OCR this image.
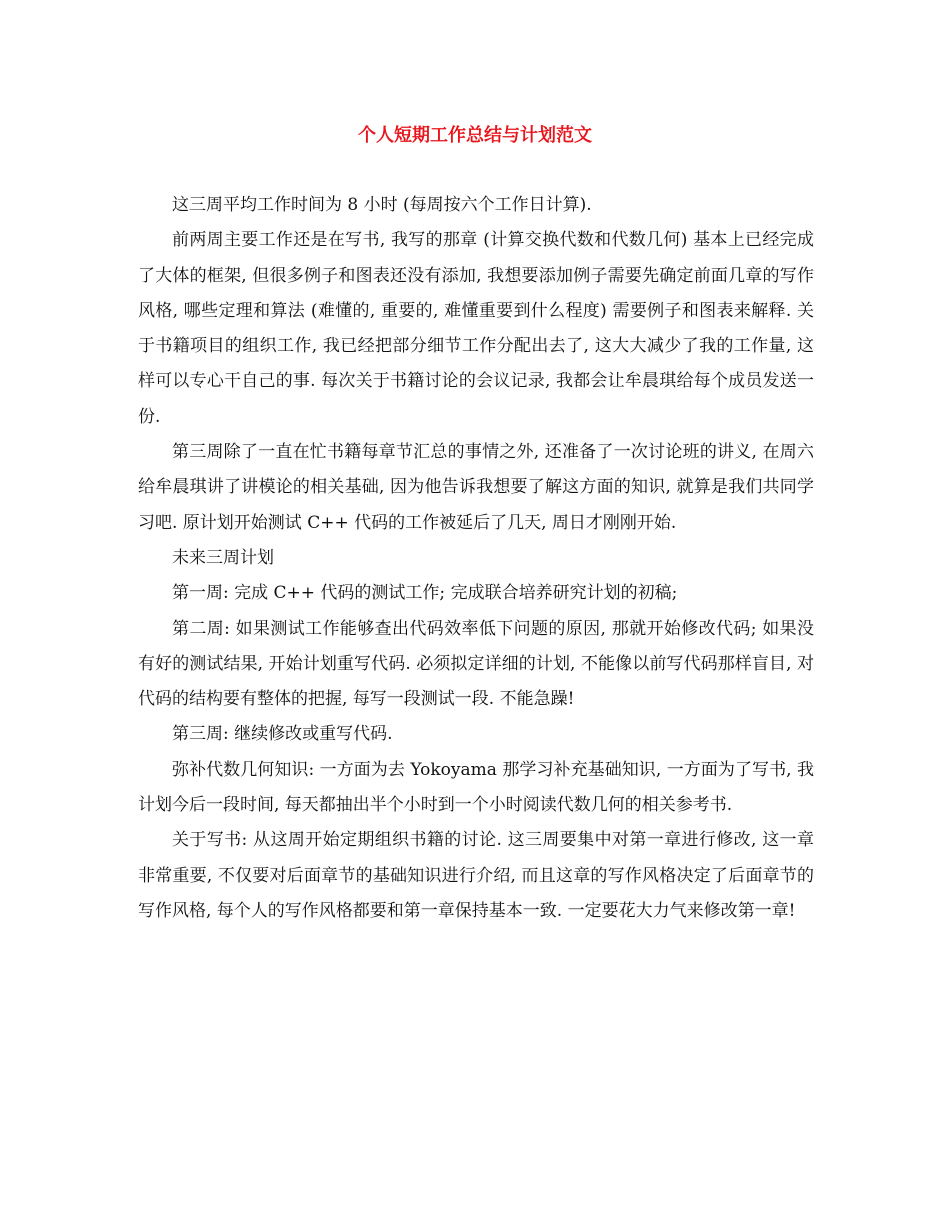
个人短期工作总结与计划范文

这三周平均工作时间为 8 小时 (每周按六个工作日计算).

前两周主要工作还是在写书, 我写的那章 (计算交换代数和代数几何) 基本上已经完成了大体的框架, 但很多例子和图表还没有添加, 我想要添加例子需要先确定前面几章的写作风格, 哪些定理和算法 (难懂的, 重要的, 难懂重要到什么程度) 需要例子和图表来解释. 关于书籍项目的组织工作, 我已经把部分细节工作分配出去了, 这大大减少了我的工作量, 这样可以专心干自己的事. 每次关于书籍讨论的会议记录, 我都会让牟晨琪给每个成员发送一份.

第三周除了一直在忙书籍每章节汇总的事情之外, 还准备了一次讨论班的讲义, 在周六给牟晨琪讲了讲模论的相关基础, 因为他告诉我想要了解这方面的知识, 就算是我们共同学习吧. 原计划开始测试 C++ 代码的工作被延后了几天, 周日才刚刚开始.

未来三周计划

第一周: 完成 C++ 代码的测试工作; 完成联合培养研究计划的初稿;

第二周: 如果测试工作能够查出代码效率低下问题的原因, 那就开始修改代码; 如果没有好的测试结果, 开始计划重写代码. 必须拟定详细的计划, 不能像以前写代码那样盲目, 对代码的结构要有整体的把握, 每写一段测试一段. 不能急躁!

第三周: 继续修改或重写代码.

弥补代数几何知识: 一方面为去 Yokoyama 那学习补充基础知识, 一方面为了写书, 我计划今后一段时间, 每天都抽出半个小时到一个小时阅读代数几何的相关参考书.

关于写书: 从这周开始定期组织书籍的讨论. 这三周要集中对第一章进行修改, 这一章非常重要, 不仅要对后面章节的基础知识进行介绍, 而且这章的写作风格决定了后面章节的写作风格, 每个人的写作风格都要和第一章保持基本一致. 一定要花大力气来修改第一章!
